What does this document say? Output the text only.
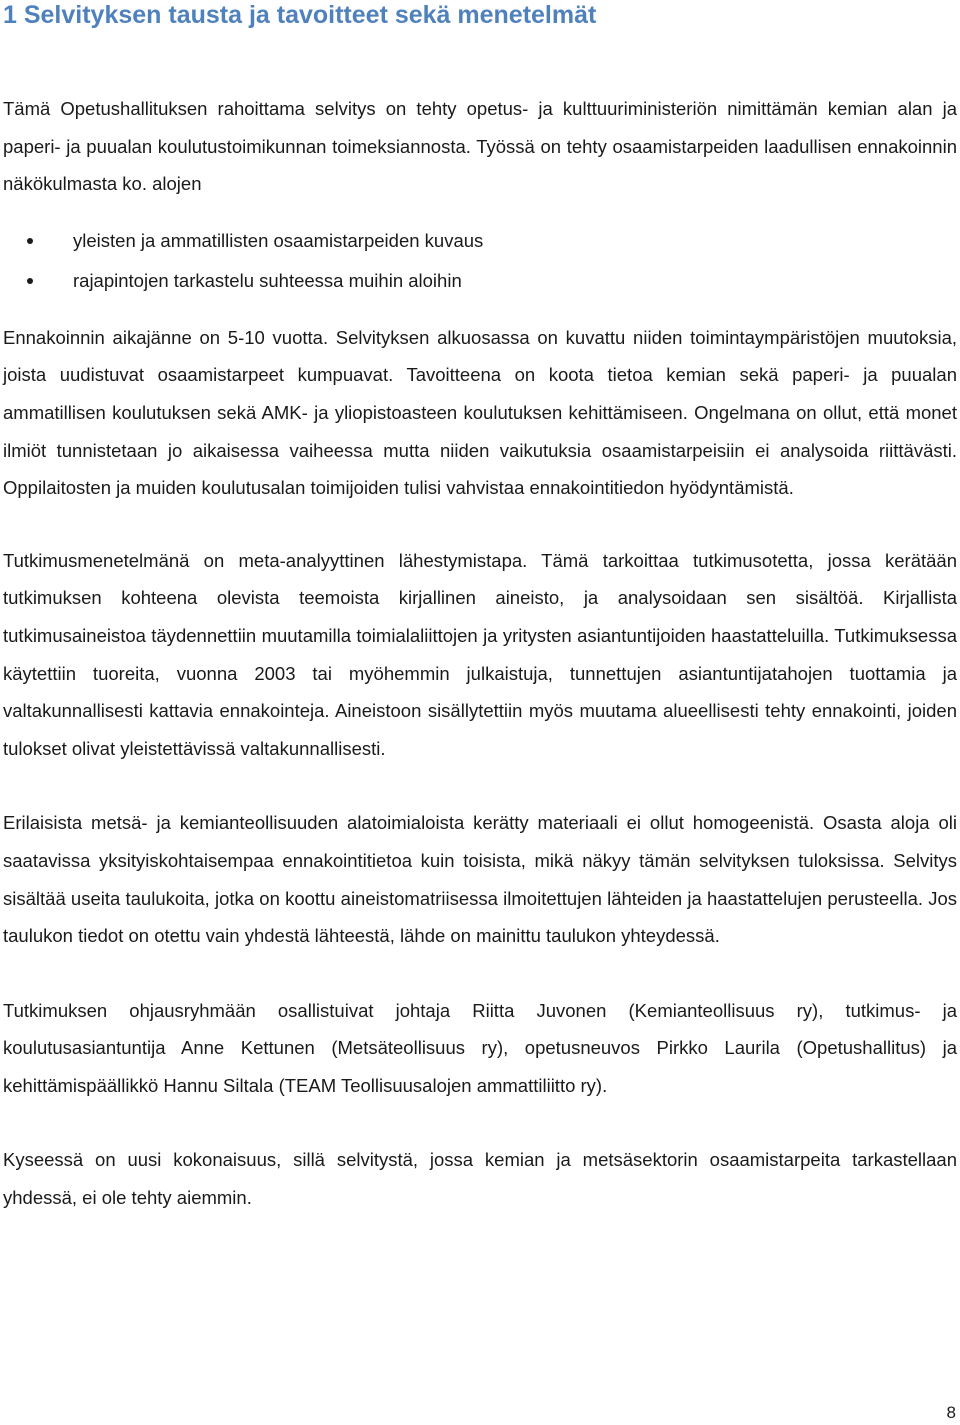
1 Selvityksen tausta ja tavoitteet sekä menetelmät

Tämä Opetushallituksen rahoittama selvitys on tehty opetus- ja kulttuuriministeriön nimittämän kemian alan ja paperi- ja puualan koulutustoimikunnan toimeksiannosta. Työssä on tehty osaamistarpeiden laadullisen ennakoinnin näkökulmasta ko. alojen

yleisten ja ammatillisten osaamistarpeiden kuvaus
rajapintojen tarkastelu suhteessa muihin aloihin

Ennakoinnin aikajänne on 5-10 vuotta. Selvityksen alkuosassa on kuvattu niiden toimintaympäristöjen muutoksia, joista uudistuvat osaamistarpeet kumpuavat. Tavoitteena on koota tietoa kemian sekä paperi- ja puualan ammatillisen koulutuksen sekä AMK- ja yliopistoasteen koulutuksen kehittämiseen. Ongelmana on ollut, että monet ilmiöt tunnistetaan jo aikaisessa vaiheessa mutta niiden vaikutuksia osaamistarpeisiin ei analysoida riittävästi. Oppilaitosten ja muiden koulutusalan toimijoiden tulisi vahvistaa ennakointitiedon hyödyntämistä.

Tutkimusmenetelmänä on meta-analyyttinen lähestymistapa. Tämä tarkoittaa tutkimusotetta, jossa kerätään tutkimuksen kohteena olevista teemoista kirjallinen aineisto, ja analysoidaan sen sisältöä. Kirjallista tutkimusaineistoa täydennettiin muutamilla toimialaliittojen ja yritysten asiantuntijoiden haastatteluilla. Tutkimuksessa käytettiin tuoreita, vuonna 2003 tai myöhemmin julkaistuja, tunnettujen asiantuntijatahojen tuottamia ja valtakunnallisesti kattavia ennakointeja. Aineistoon sisällytettiin myös muutama alueellisesti tehty ennakointi, joiden tulokset olivat yleistettävissä valtakunnallisesti.

Erilaisista metsä- ja kemianteollisuuden alatoimialoista kerätty materiaali ei ollut homogeenistä. Osasta aloja oli saatavissa yksityiskohtaisempaa ennakointitietoa kuin toisista, mikä näkyy tämän selvityksen tuloksissa. Selvitys sisältää useita taulukoita, jotka on koottu aineistomatriisessa ilmoitettujen lähteiden ja haastattelujen perusteella. Jos taulukon tiedot on otettu vain yhdestä lähteestä, lähde on mainittu taulukon yhteydessä.

Tutkimuksen ohjausryhmään osallistuivat johtaja Riitta Juvonen (Kemianteollisuus ry), tutkimus- ja koulutusasiantuntija Anne Kettunen (Metsäteollisuus ry), opetusneuvos Pirkko Laurila (Opetushallitus) ja kehittämispäällikkö Hannu Siltala (TEAM Teollisuusalojen ammattiliitto ry).

Kyseessä on uusi kokonaisuus, sillä selvitystä, jossa kemian ja metsäsektorin osaamistarpeita tarkastellaan yhdessä, ei ole tehty aiemmin.

8
